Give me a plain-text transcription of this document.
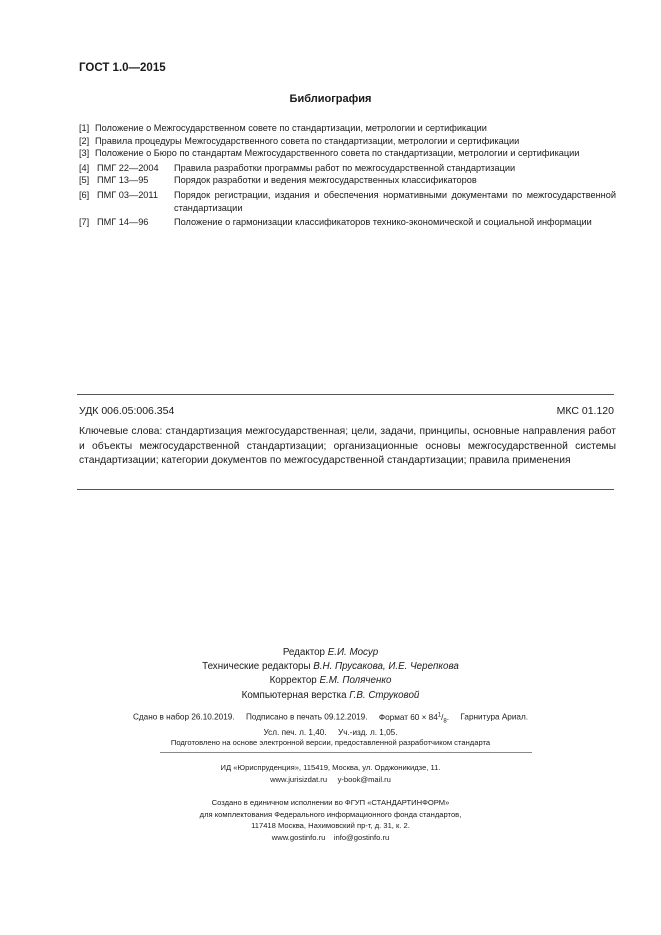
ГОСТ 1.0—2015
Библиография
[1] Положение о Межгосударственном совете по стандартизации, метрологии и сертификации
[2] Правила процедуры Межгосударственного совета по стандартизации, метрологии и сертификации
[3] Положение о Бюро по стандартам Межгосударственного совета по стандартизации, метрологии и сертификации
[4] ПМГ 22—2004	Правила разработки программы работ по межгосударственной стандартизации
[5] ПМГ 13—95	Порядок разработки и ведения межгосударственных классификаторов
[6] ПМГ 03—2011	Порядок регистрации, издания и обеспечения нормативными документами по межгосударственной стандартизации
[7] ПМГ 14—96	Положение о гармонизации классификаторов технико-экономической и социальной информации
УДК 006.05:006.354	МКС 01.120
Ключевые слова: стандартизация межгосударственная; цели, задачи, принципы, основные направления работ и объекты межгосударственной стандартизации; организационные основы межгосударственной системы стандартизации; категории документов по межгосударственной стандартизации; правила применения
Редактор Е.И. Мосур
Технические редакторы В.Н. Прусакова, И.Е. Черепкова
Корректор Е.М. Поляченко
Компьютерная верстка Г.В. Струковой
Сдано в набор 26.10.2019. Подписано в печать 09.12.2019. Формат $60 \times 84^1/_8$. Гарнитура Ариал.
Усл. печ. л. 1,40. Уч.-изд. л. 1,05.
Подготовлено на основе электронной версии, предоставленной разработчиком стандарта
ИД «Юриспруденция», 115419, Москва, ул. Орджоникидзе, 11.
www.jurisizdat.ru y-book@mail.ru
Создано в единичном исполнении во ФГУП «СТАНДАРТИНФОРМ»
для комплектования Федерального информационного фонда стандартов,
117418 Москва, Нахимовский пр-т, д. 31, к. 2.
www.gostinfo.ru info@gostinfo.ru
